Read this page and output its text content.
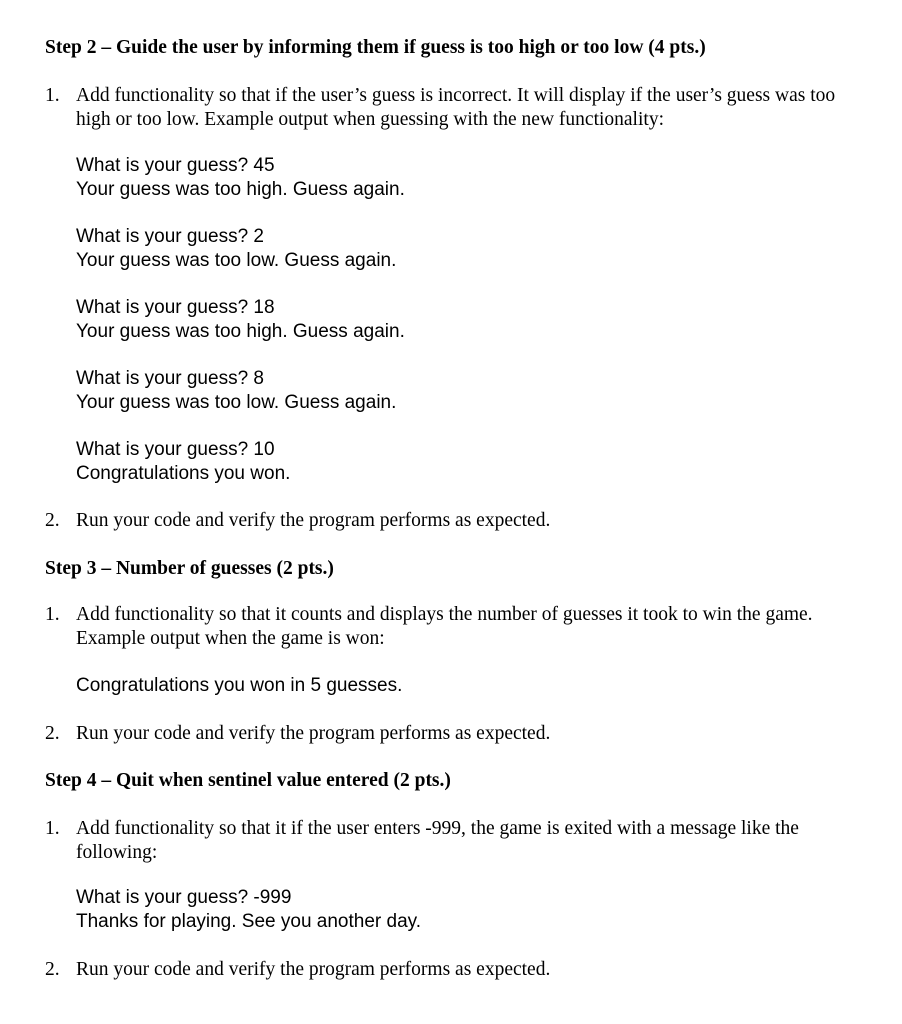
Step 2 – Guide the user by informing them if guess is too high or too low (4 pts.)
1. Add functionality so that if the user’s guess is incorrect. It will display if the user’s guess was too high or too low. Example output when guessing with the new functionality:
What is your guess? 45
Your guess was too high. Guess again.
What is your guess? 2
Your guess was too low. Guess again.
What is your guess? 18
Your guess was too high. Guess again.
What is your guess? 8
Your guess was too low. Guess again.
What is your guess? 10
Congratulations you won.
2. Run your code and verify the program performs as expected.
Step 3 – Number of guesses (2 pts.)
1. Add functionality so that it counts and displays the number of guesses it took to win the game. Example output when the game is won:
Congratulations you won in 5 guesses.
2. Run your code and verify the program performs as expected.
Step 4 – Quit when sentinel value entered (2 pts.)
1. Add functionality so that it if the user enters -999, the game is exited with a message like the following:
What is your guess? -999
Thanks for playing. See you another day.
2. Run your code and verify the program performs as expected.
